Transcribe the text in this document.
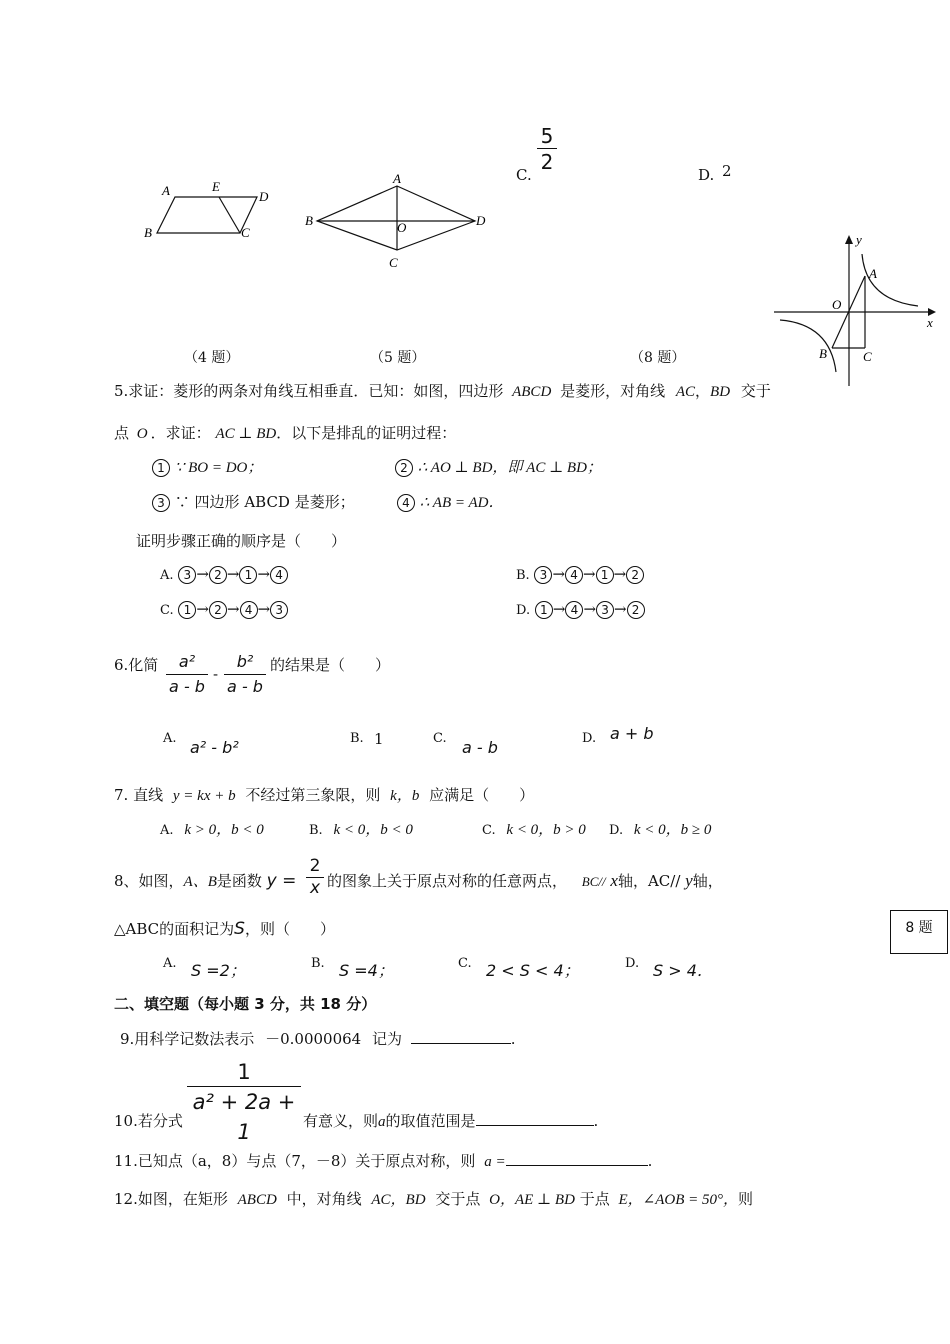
C.
5
2
D. 2
A	E
D
B	C
A
B	D
O
C
y
x
A
O
B	C
（4 题）	（5 题）	（8 题）
5.求证：菱形的两条对角线互相垂直．已知：如图，四边形 ABCD 是菱形，对角线 AC，BD 交于
点 O ．求证： AC ⊥ BD．以下是排乱的证明过程：
1 ∵ BO = DO；	2 ∴ AO ⊥ BD，即 AC ⊥ BD；
3 ∵ 四边形 ABCD 是菱形；	4 ∴ AB = AD．
证明步骤正确的顺序是（　　）
A. 3 → 2 → 1 → 4	B. 3 → 4 → 1 → 2
C. 1 → 2 → 4 → 3	D. 1 → 4 → 3 → 2
6.化简	a²
a - b
-
b²
a - b
的结果是（　　）
A. a² - b²	B. 1	C. a - b	D. a + b
7. 直线 y = kx + b 不经过第三象限，则 k，b 应满足（　　）
A. k > 0，b < 0	B. k < 0，b < 0	C. k < 0，b > 0 D. k < 0，b ≥ 0
8、如图，A、B是函数 y =
2
x 的图象上关于原点对称的任意两点， BC// x轴，AC// y轴，
△ABC的面积记为S，则（　　）	8 题
A. S =2；	B. S =4；	C. 2 < S < 4；	D. S > 4．
二、填空题（每小题 3 分，共 18 分）
9.用科学记数法表示 －0.0000064 记为	.
1
a² + 2a + 1
10.若分式	有意义，则a的取值范围是	.
11.已知点（a，8）与点（7，－8）关于原点对称，则 a =	.
12.如图，在矩形 ABCD 中，对角线 AC，BD 交于点 O，AE ⊥ BD 于点 E，∠AOB = 50°，则
